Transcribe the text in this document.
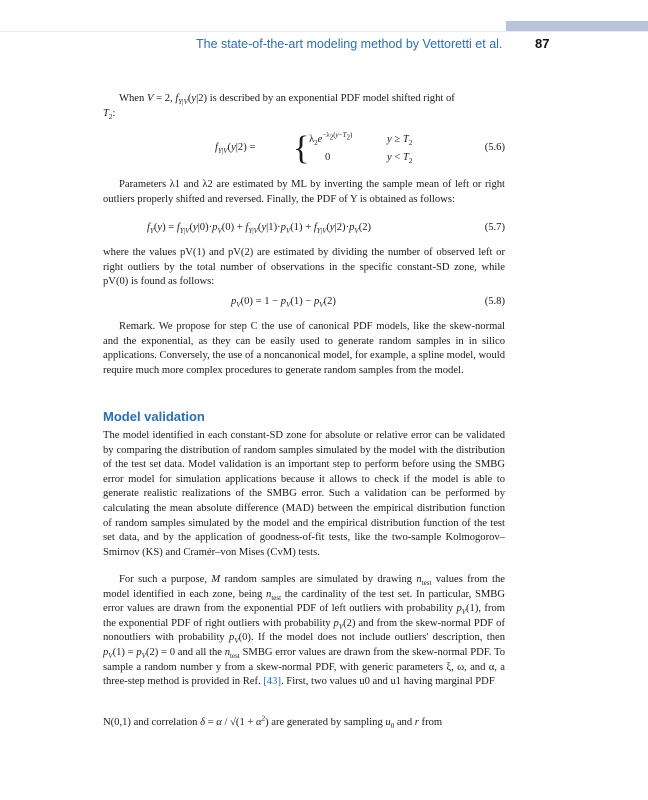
The state-of-the-art modeling method by Vettoretti et al.	87
When V = 2, $f_{Y|V}(y|2)$ is described by an exponential PDF model shifted right of
$T_2$:
$f_{Y|V}(y|2)$ = { $\lambda_2e^{-\lambda_2(y-T_2)}$	$y \ge T_2$
0	$y < T_2$
(5.6)
Parameters λ1 and λ2 are estimated by ML by inverting the sample mean of left or right outliers properly shifted and reversed. Finally, the PDF of Y is obtained as follows:
$f_Y(y) = f_{Y|V}(y|0)\cdot p_V(0) + f_{Y|V}(y|1)\cdot p_V(1) + f_{Y|V}(y|2)\cdot p_V(2)$	(5.7)
where the values pV(1) and pV(2) are estimated by dividing the number of observed left or right outliers by the total number of observations in the specific constant-SD zone, while pV(0) is found as follows:
$p_V(0) = 1 - p_V(1) - p_V(2)$	(5.8)
Remark. We propose for step C the use of canonical PDF models, like the skew-normal and the exponential, as they can be easily used to generate random samples in in silico applications. Conversely, the use of a noncanonical model, for example, a spline model, would require much more complex procedures to generate random samples from the model.
Model validation
The model identified in each constant-SD zone for absolute or relative error can be validated by comparing the distribution of random samples simulated by the model with the distribution of the test set data. Model validation is an important step to perform before using the SMBG error model for simulation applications because it allows to check if the model is able to generate realistic realizations of the SMBG error. Such a validation can be performed by calculating the mean absolute difference (MAD) between the empirical distribution function of random samples simulated by the model and the empirical distribution function of the test set data, and by the application of goodness-of-fit tests, like the two-sample Kolmogorov–Smirnov (KS) and Cramér–von Mises (CvM) tests.
For such a purpose, M random samples are simulated by drawing $n_{test}$ values from the model identified in each zone, being $n_{test}$ the cardinality of the test set. In particular, SMBG error values are drawn from the exponential PDF of left outliers with probability $p_V(1)$, from the exponential PDF of right outliers with probability $p_V(2)$ and from the skew-normal PDF of nonoutliers with probability $p_V(0)$. If the model does not include outliers' description, then $p_V(1) = p_V(2) = 0$ and all the $n_{test}$ SMBG error values are drawn from the skew-normal PDF. To sample a random number y from a skew-normal PDF, with generic parameters ξ, ω, and α, a three-step method is provided in Ref. [43]. First, two values u0 and u1 having marginal PDF
N(0,1) and correlation $\delta = \alpha / √(1 + \alpha^2)$ are generated by sampling $u_0$ and r from
